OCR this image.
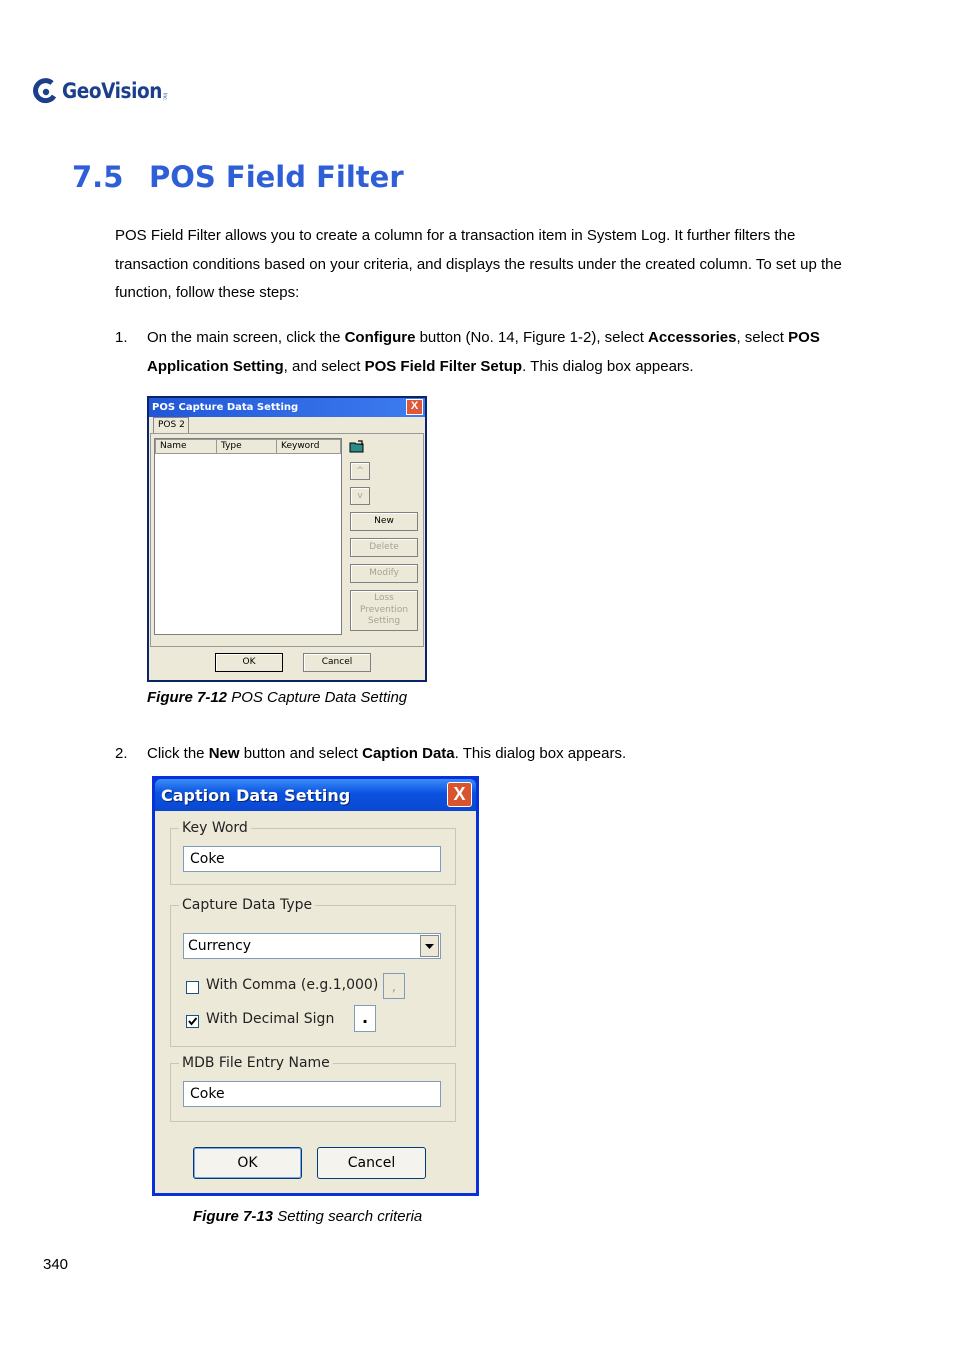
GeoVision Inc.
7.5 POS Field Filter
POS Field Filter allows you to create a column for a transaction item in System Log. It further filters the transaction conditions based on your criteria, and displays the results under the created column. To set up the function, follow these steps:
1. On the main screen, click the Configure button (No. 14, Figure 1-2), select Accessories, select POS Application Setting, and select POS Field Filter Setup. This dialog box appears.
POS Capture Data Setting	X
POS 2
Name	Type	Keyword
^
v
New
Delete
Modify
Loss
Prevention
Setting
OK	Cancel
Figure 7-12 POS Capture Data Setting
2. Click the New button and select Caption Data. This dialog box appears.
Caption Data Setting	X
Key Word
Coke
Capture Data Type
Currency
With Comma (e.g.1,000) ,
With Decimal Sign	.
MDB File Entry Name
Coke
OK	Cancel
Figure 7-13 Setting search criteria
340
